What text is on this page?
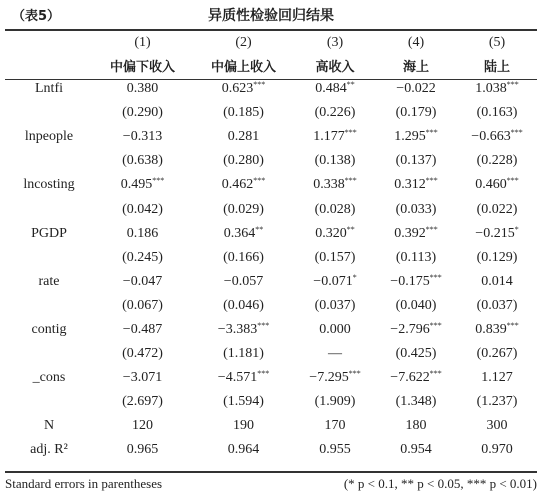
（表5）	异质性检验回归结果
	(1)	(2)	(3)	(4)	(5)
	中偏下收入	中偏上收入	高收入	海上	陆上
Lntfi	0.380	0.623***	0.484**	−0.022	1.038***
	(0.290)	(0.185)	(0.226)	(0.179)	(0.163)
lnpeople	−0.313	0.281	1.177***	1.295***	−0.663***
	(0.638)	(0.280)	(0.138)	(0.137)	(0.228)
lncosting	0.495***	0.462***	0.338***	0.312***	0.460***
	(0.042)	(0.029)	(0.028)	(0.033)	(0.022)
PGDP	0.186	0.364**	0.320**	0.392***	−0.215*
	(0.245)	(0.166)	(0.157)	(0.113)	(0.129)
rate	−0.047	−0.057	−0.071*	−0.175***	0.014
	(0.067)	(0.046)	(0.037)	(0.040)	(0.037)
contig	−0.487	−3.383***	0.000	−2.796***	0.839***
	(0.472)	(1.181)	—	(0.425)	(0.267)
_cons	−3.071	−4.571***	−7.295***	−7.622***	1.127
	(2.697)	(1.594)	(1.909)	(1.348)	(1.237)
N	120	190	170	180	300
adj. R²	0.965	0.964	0.955	0.954	0.970
Standard errors in parentheses	(* p < 0.1, ** p < 0.05, *** p < 0.01)
